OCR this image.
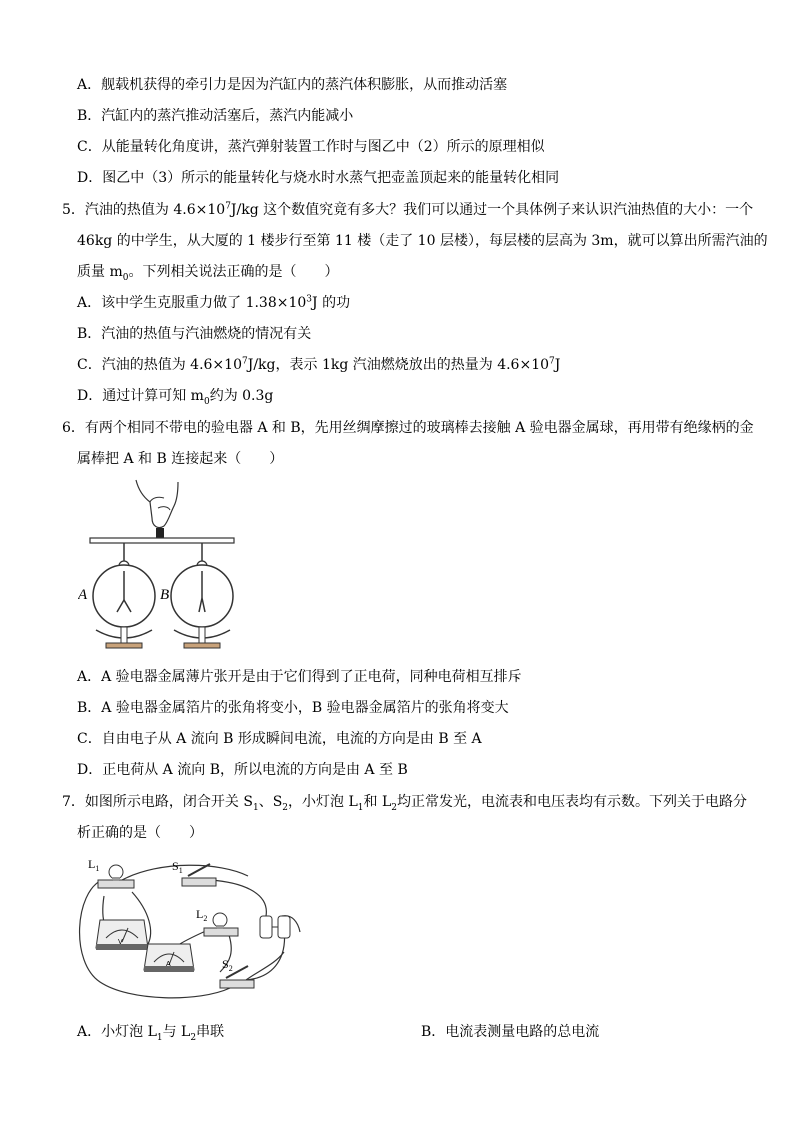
A．舰载机获得的牵引力是因为汽缸内的蒸汽体积膨胀，从而推动活塞
B．汽缸内的蒸汽推动活塞后，蒸汽内能减小
C．从能量转化角度讲，蒸汽弹射装置工作时与图乙中（2）所示的原理相似
D．图乙中（3）所示的能量转化与烧水时水蒸气把壶盖顶起来的能量转化相同
5．汽油的热值为 $4.6\times 10^7J/kg$ 这个数值究竟有多大？我们可以通过一个具体例子来认识汽油热值的大小：一个
46kg 的中学生，从大厦的 1 楼步行至第 11 楼（走了 10 层楼），每层楼的层高为 3m，就可以算出所需汽油的
质量 $m_0$。下列相关说法正确的是（　　）
A．该中学生克服重力做了 $1.38\times 10^3J$ 的功
B．汽油的热值与汽油燃烧的情况有关
C．汽油的热值为 $4.6\times 10^7J/kg$，表示 1kg 汽油燃烧放出的热量为 $4.6\times 10^7J$
D．通过计算可知 $m_0$约为 0.3g
6．有两个相同不带电的验电器 A 和 B，先用丝绸摩擦过的玻璃棒去接触 A 验电器金属球，再用带有绝缘柄的金
属棒把 A 和 B 连接起来（　　）
A	B
A．A 验电器金属薄片张开是由于它们得到了正电荷，同种电荷相互排斥
B．A 验电器金属箔片的张角将变小，B 验电器金属箔片的张角将变大
C．自由电子从 A 流向 B 形成瞬间电流，电流的方向是由 B 至 A
D．正电荷从 A 流向 B，所以电流的方向是由 A 至 B
7．如图所示电路，闭合开关 $S_1$、$S_2$，小灯泡 $L_1$和 $L_2$均正常发光，电流表和电压表均有示数。下列关于电路分
析正确的是（　　）
$L_1$	$S_1$
$L_2$
V
A	$S_2$
A．小灯泡 $L_1$与 $L_2$串联	B．电流表测量电路的总电流
